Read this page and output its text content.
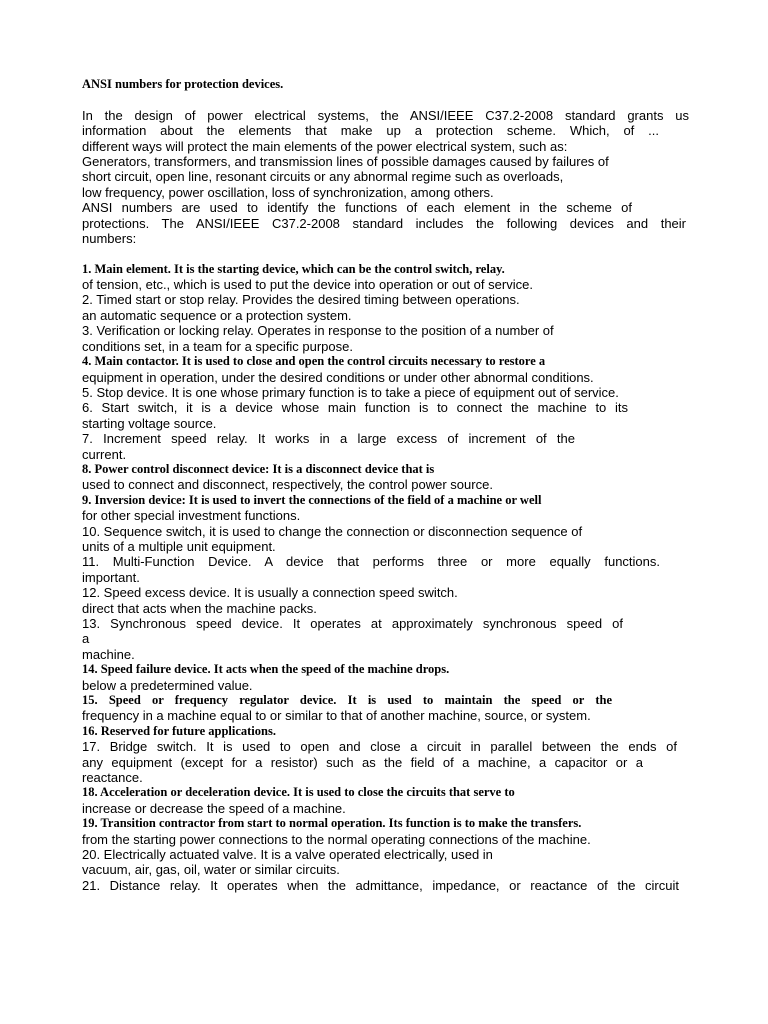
ANSI numbers for protection devices.
In the design of power electrical systems, the ANSI/IEEE C37.2-2008 standard grants us
information about the elements that make up a protection scheme. Which, of ...
different ways will protect the main elements of the power electrical system, such as:
Generators, transformers, and transmission lines of possible damages caused by failures of
short circuit, open line, resonant circuits or any abnormal regime such as overloads,
low frequency, power oscillation, loss of synchronization, among others.
ANSI numbers are used to identify the functions of each element in the scheme of
protections. The ANSI/IEEE C37.2-2008 standard includes the following devices and their
numbers:
1. Main element. It is the starting device, which can be the control switch, relay.
of tension, etc., which is used to put the device into operation or out of service.
2. Timed start or stop relay. Provides the desired timing between operations.
an automatic sequence or a protection system.
3. Verification or locking relay. Operates in response to the position of a number of
conditions set, in a team for a specific purpose.
4. Main contactor. It is used to close and open the control circuits necessary to restore a
equipment in operation, under the desired conditions or under other abnormal conditions.
5. Stop device. It is one whose primary function is to take a piece of equipment out of service.
6. Start switch, it is a device whose main function is to connect the machine to its
starting voltage source.
7. Increment speed relay. It works in a large excess of increment of the
current.
8. Power control disconnect device: It is a disconnect device that is
used to connect and disconnect, respectively, the control power source.
9. Inversion device: It is used to invert the connections of the field of a machine or well
for other special investment functions.
10. Sequence switch, it is used to change the connection or disconnection sequence of
units of a multiple unit equipment.
11. Multi-Function Device. A device that performs three or more equally functions.
important.
12. Speed excess device. It is usually a connection speed switch.
direct that acts when the machine packs.
13. Synchronous speed device. It operates at approximately synchronous speed of
a
machine.
14. Speed failure device. It acts when the speed of the machine drops.
below a predetermined value.
15. Speed or frequency regulator device. It is used to maintain the speed or the
frequency in a machine equal to or similar to that of another machine, source, or system.
16. Reserved for future applications.
17. Bridge switch. It is used to open and close a circuit in parallel between the ends of
any equipment (except for a resistor) such as the field of a machine, a capacitor or a
reactance.
18. Acceleration or deceleration device. It is used to close the circuits that serve to
increase or decrease the speed of a machine.
19. Transition contractor from start to normal operation. Its function is to make the transfers.
from the starting power connections to the normal operating connections of the machine.
20. Electrically actuated valve. It is a valve operated electrically, used in
vacuum, air, gas, oil, water or similar circuits.
21. Distance relay. It operates when the admittance, impedance, or reactance of the circuit
